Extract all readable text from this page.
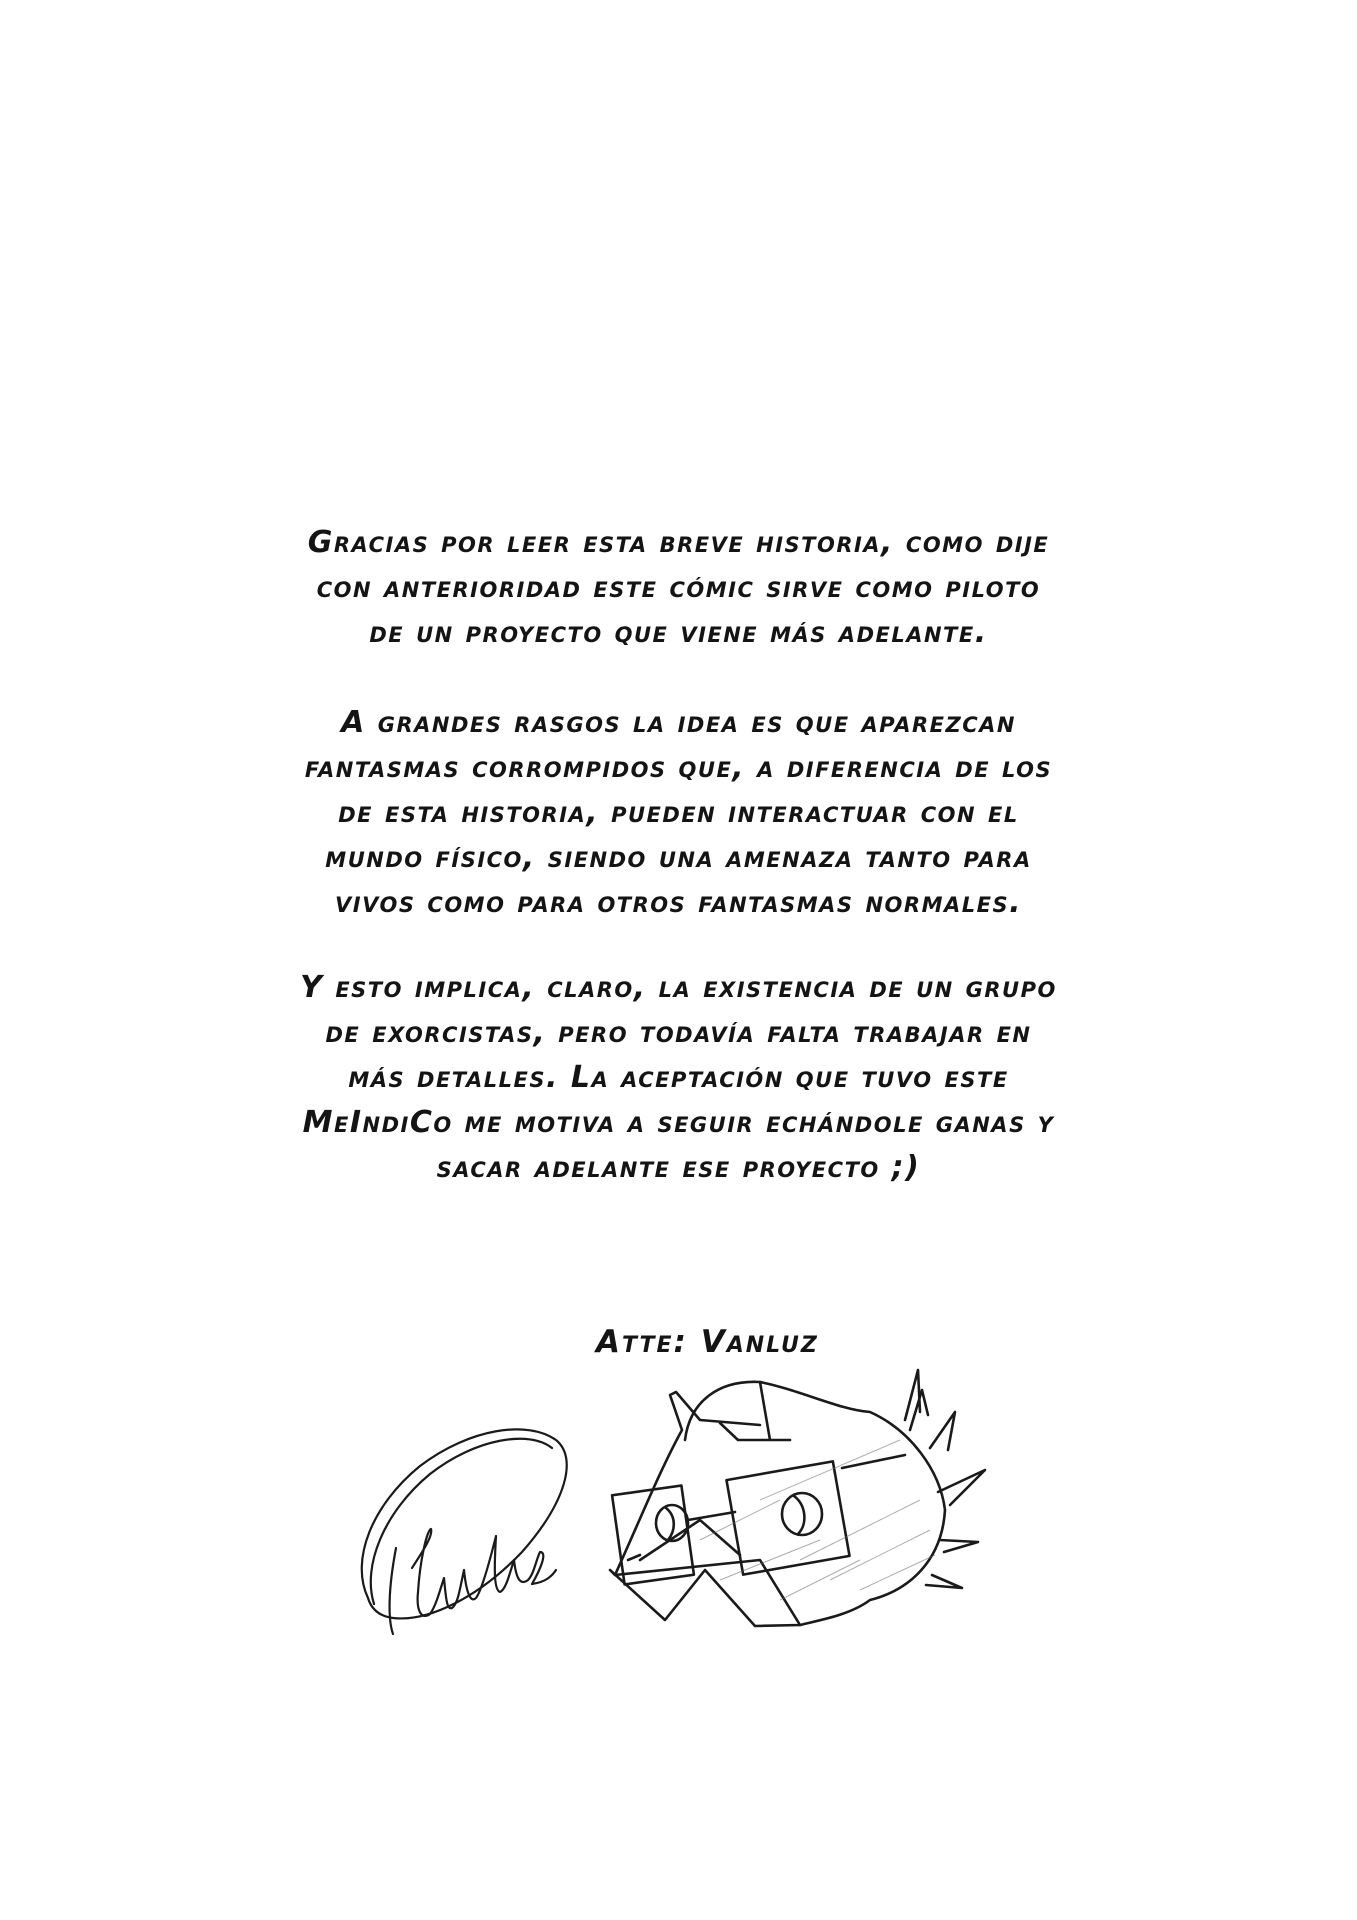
Gracias por leer esta breve historia, como dije
con anterioridad este cómic sirve como piloto
de un proyecto que viene más adelante.
A grandes rasgos la idea es que aparezcan
fantasmas corrompidos que, a diferencia de los
de esta historia, pueden interactuar con el
mundo físico, siendo una amenaza tanto para
vivos como para otros fantasmas normales.
Y esto implica, claro, la existencia de un grupo
de exorcistas, pero todavía falta trabajar en
más detalles. La aceptación que tuvo este
MeIndiCo me motiva a seguir echándole ganas y
sacar adelante ese proyecto ;)
Atte: Vanluz
